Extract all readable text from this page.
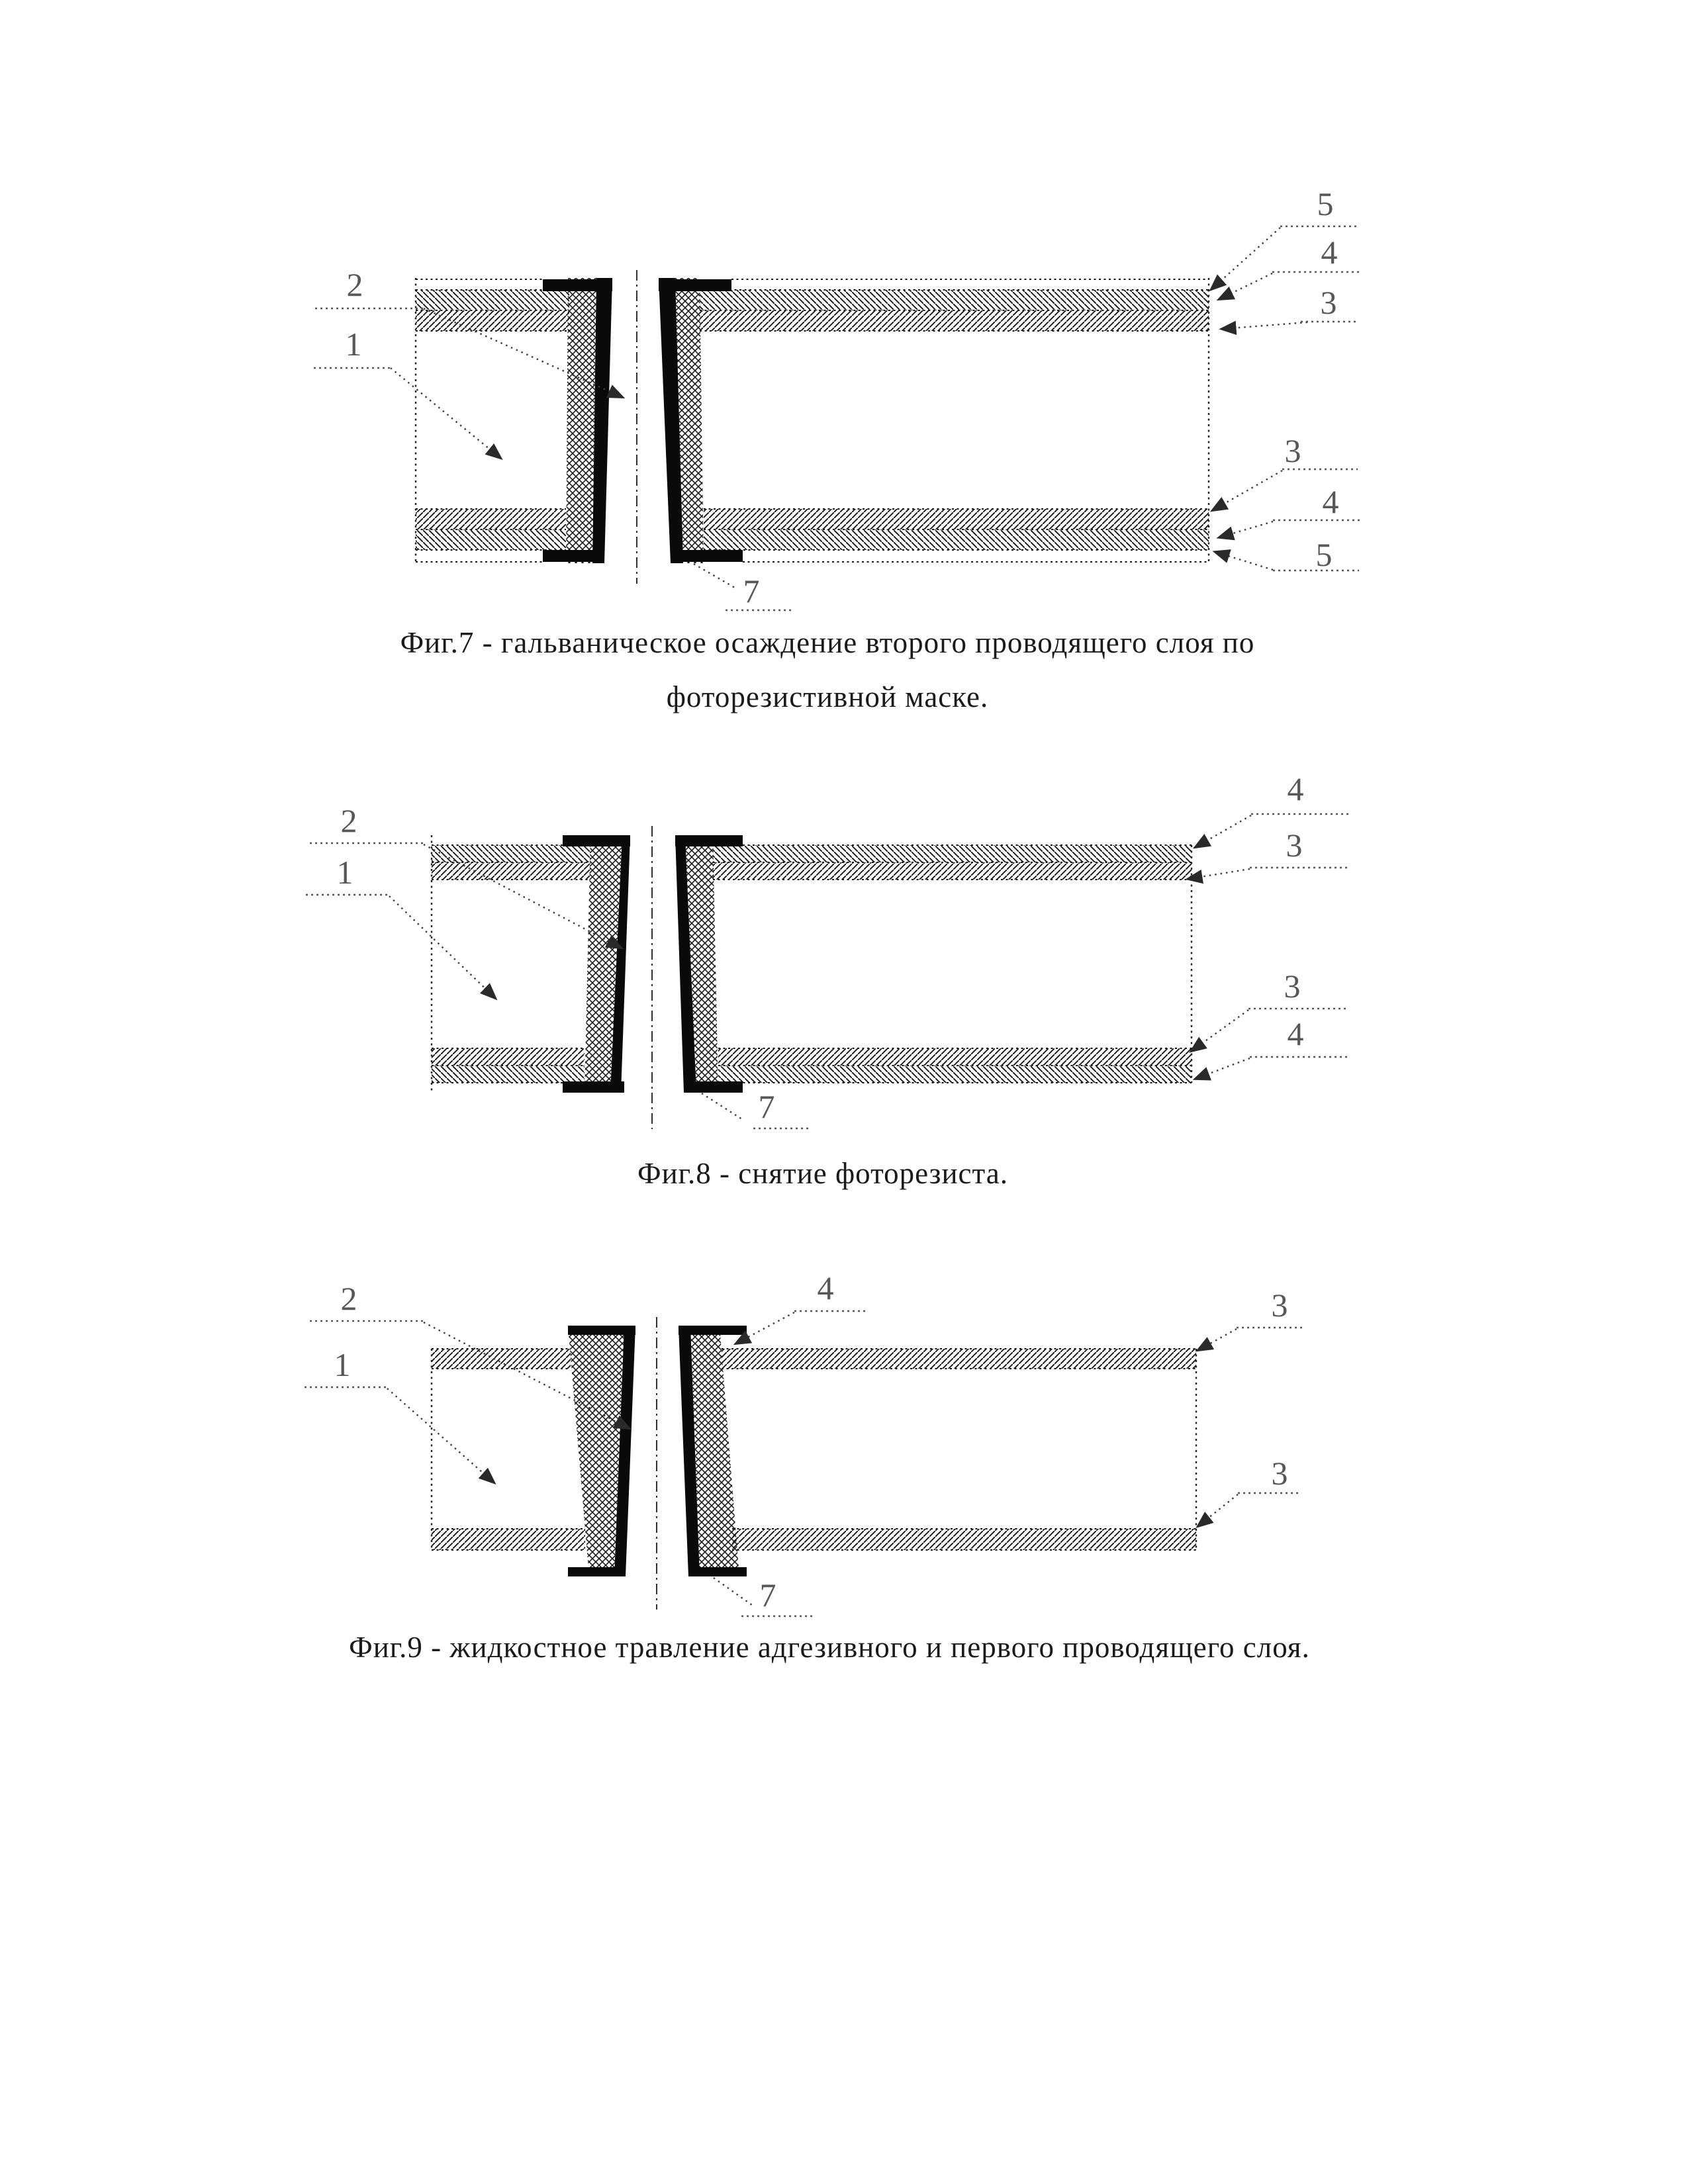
2
1
5
4
3
3
4
5
7
2
1
4
3
3
4
7
2
1
4	3
3
7
Фиг.7 - гальваническое осаждение второго проводящего слоя по
фоторезистивной маске.
Фиг.8 - снятие фоторезиста.
Фиг.9 - жидкостное травление адгезивного и первого проводящего слоя.
